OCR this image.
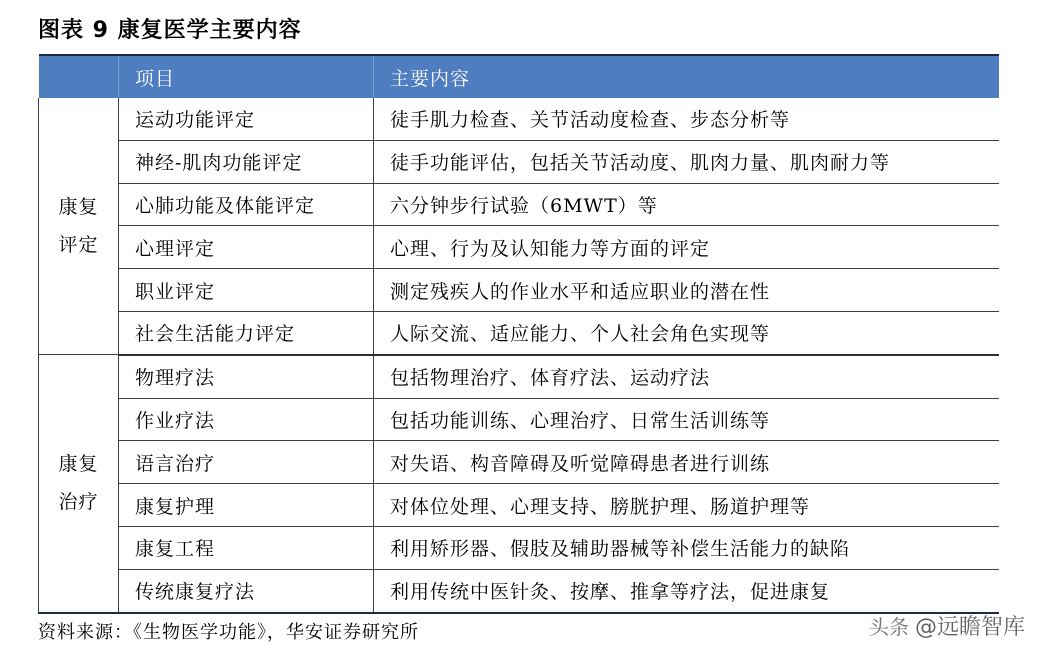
图表 9 康复医学主要内容
	项目	主要内容

康复
评定	运动功能评定	徒手肌力检查、关节活动度检查、步态分析等
	神经-肌肉功能评定	徒手功能评估，包括关节活动度、肌肉力量、肌肉耐力等
	心肺功能及体能评定	六分钟步行试验（6MWT）等
	心理评定	心理、行为及认知能力等方面的评定
	职业评定	测定残疾人的作业水平和适应职业的潜在性
	社会生活能力评定	人际交流、适应能力、个人社会角色实现等

康复
治疗	物理疗法	包括物理治疗、体育疗法、运动疗法
	作业疗法	包括功能训练、心理治疗、日常生活训练等
	语言治疗	对失语、构音障碍及听觉障碍患者进行训练
	康复护理	对体位处理、心理支持、膀胱护理、肠道护理等
	康复工程	利用矫形器、假肢及辅助器械等补偿生活能力的缺陷
	传统康复疗法	利用传统中医针灸、按摩、推拿等疗法，促进康复
资料来源：《生物医学功能》，华安证券研究所	头条 @远瞻智库
